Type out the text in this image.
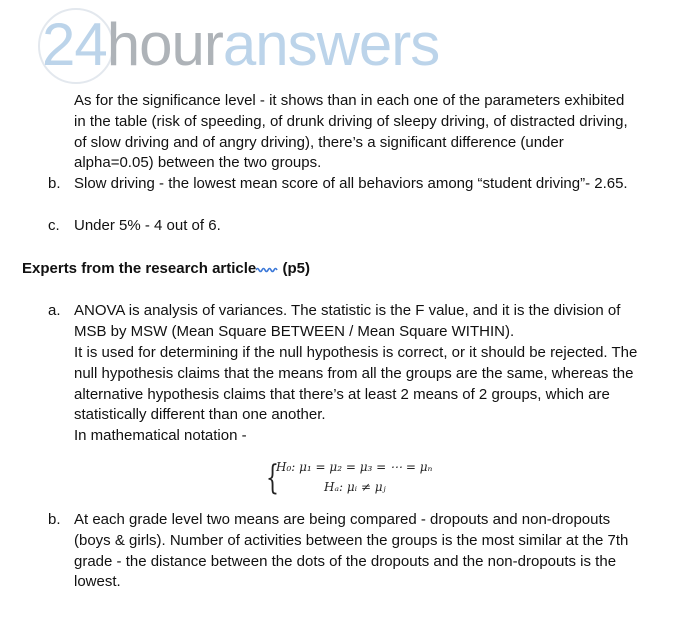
24houranswers

As for the significance level - it shows than in each one of the parameters exhibited in the table (risk of speeding, of drunk driving of sleepy driving, of distracted driving, of slow driving and of angry driving), there’s a significant difference (under alpha=0.05) between the two groups.

b. Slow driving - the lowest mean score of all behaviors among “student driving”- 2.65.

c. Under 5% - 4 out of 6.

Experts from the research article (p5)
a. ANOVA is analysis of variances. The statistic is the F value, and it is the division of MSB by MSW (Mean Square BETWEEN / Mean Square WITHIN).

It is used for determining if the null hypothesis is correct, or it should be rejected. The null hypothesis claims that the means from all the groups are the same, whereas the alternative hypothesis claims that there’s at least 2 means of 2 groups, which are statistically different than one another.

In mathematical notation -

{
H₀: μ₁ = μ₂ = μ₃ = ⋯ = μₙ
Hₐ: μᵢ ≠ μⱼ
b. At each grade level two means are being compared - dropouts and non-dropouts (boys & girls). Number of activities between the groups is the most similar at the 7th grade - the distance between the dots of the dropouts and the non-dropouts is the lowest.
